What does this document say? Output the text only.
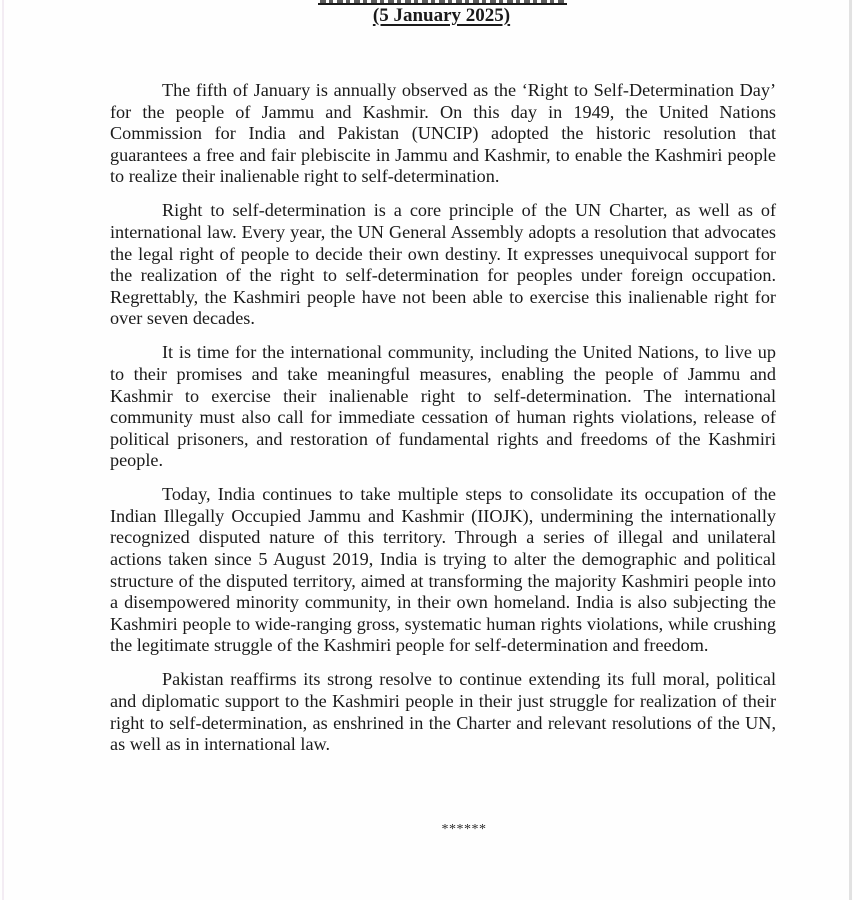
(5 January 2025)

The fifth of January is annually observed as the ‘Right to Self-Determination Day’ for the people of Jammu and Kashmir. On this day in 1949, the United Nations Commission for India and Pakistan (UNCIP) adopted the historic resolution that guarantees a free and fair plebiscite in Jammu and Kashmir, to enable the Kashmiri people to realize their inalienable right to self-determination.

Right to self-determination is a core principle of the UN Charter, as well as of international law. Every year, the UN General Assembly adopts a resolution that advocates the legal right of people to decide their own destiny. It expresses unequivocal support for the realization of the right to self-determination for peoples under foreign occupation. Regrettably, the Kashmiri people have not been able to exercise this inalienable right for over seven decades.

It is time for the international community, including the United Nations, to live up to their promises and take meaningful measures, enabling the people of Jammu and Kashmir to exercise their inalienable right to self-determination. The international community must also call for immediate cessation of human rights violations, release of political prisoners, and restoration of fundamental rights and freedoms of the Kashmiri people.

Today, India continues to take multiple steps to consolidate its occupation of the Indian Illegally Occupied Jammu and Kashmir (IIOJK), undermining the internationally recognized disputed nature of this territory. Through a series of illegal and unilateral actions taken since 5 August 2019, India is trying to alter the demographic and political structure of the disputed territory, aimed at transforming the majority Kashmiri people into a disempowered minority community, in their own homeland. India is also subjecting the Kashmiri people to wide-ranging gross, systematic human rights violations, while crushing the legitimate struggle of the Kashmiri people for self-determination and freedom.

Pakistan reaffirms its strong resolve to continue extending its full moral, political and diplomatic support to the Kashmiri people in their just struggle for realization of their right to self-determination, as enshrined in the Charter and relevant resolutions of the UN, as well as in international law.

******
